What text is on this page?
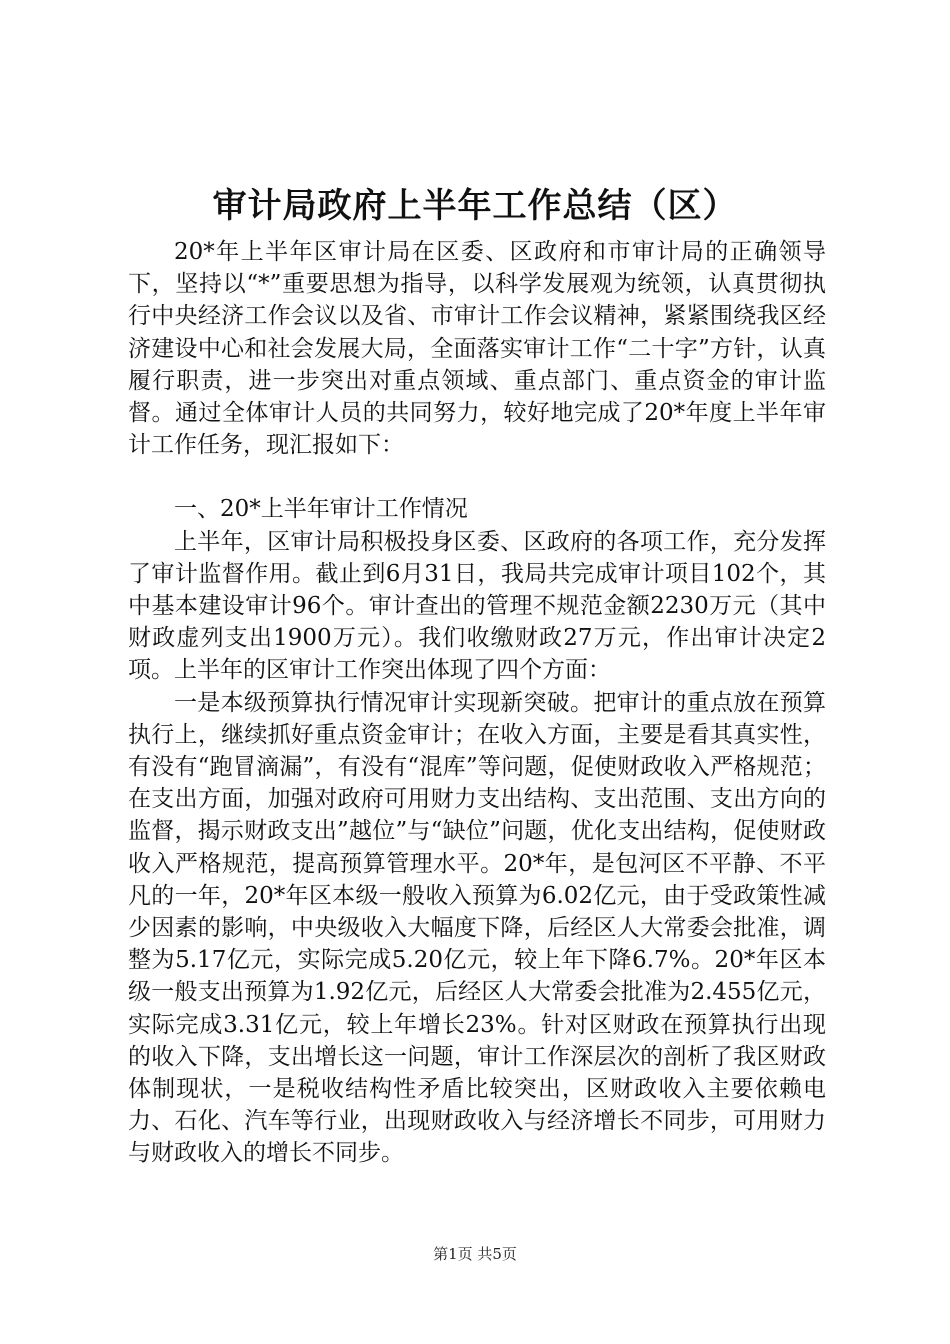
审计局政府上半年工作总结（区）

20*年上半年区审计局在区委、区政府和市审计局的正确领导下，坚持以“*”重要思想为指导，以科学发展观为统领，认真贯彻执行中央经济工作会议以及省、市审计工作会议精神，紧紧围绕我区经济建设中心和社会发展大局，全面落实审计工作“二十字”方针，认真履行职责，进一步突出对重点领域、重点部门、重点资金的审计监督。通过全体审计人员的共同努力，较好地完成了20*年度上半年审计工作任务，现汇报如下：

一、20*上半年审计工作情况

上半年，区审计局积极投身区委、区政府的各项工作，充分发挥了审计监督作用。截止到6月31日，我局共完成审计项目102个，其中基本建设审计96个。审计查出的管理不规范金额2230万元（其中财政虚列支出1900万元）。我们收缴财政27万元，作出审计决定2项。上半年的区审计工作突出体现了四个方面：

一是本级预算执行情况审计实现新突破。把审计的重点放在预算执行上，继续抓好重点资金审计；在收入方面，主要是看其真实性，有没有“跑冒滴漏”，有没有“混库”等问题，促使财政收入严格规范；在支出方面，加强对政府可用财力支出结构、支出范围、支出方向的监督，揭示财政支出”越位”与“缺位”问题，优化支出结构，促使财政收入严格规范，提高预算管理水平。20*年，是包河区不平静、不平凡的一年，20*年区本级一般收入预算为6.02亿元，由于受政策性减少因素的影响，中央级收入大幅度下降，后经区人大常委会批准，调整为5.17亿元，实际完成5.20亿元，较上年下降6.7%。20*年区本级一般支出预算为1.92亿元，后经区人大常委会批准为2.455亿元，实际完成3.31亿元，较上年增长23%。针对区财政在预算执行出现的收入下降，支出增长这一问题，审计工作深层次的剖析了我区财政体制现状，一是税收结构性矛盾比较突出，区财政收入主要依赖电力、石化、汽车等行业，出现财政收入与经济增长不同步，可用财力与财政收入的增长不同步。

第1页 共5页
